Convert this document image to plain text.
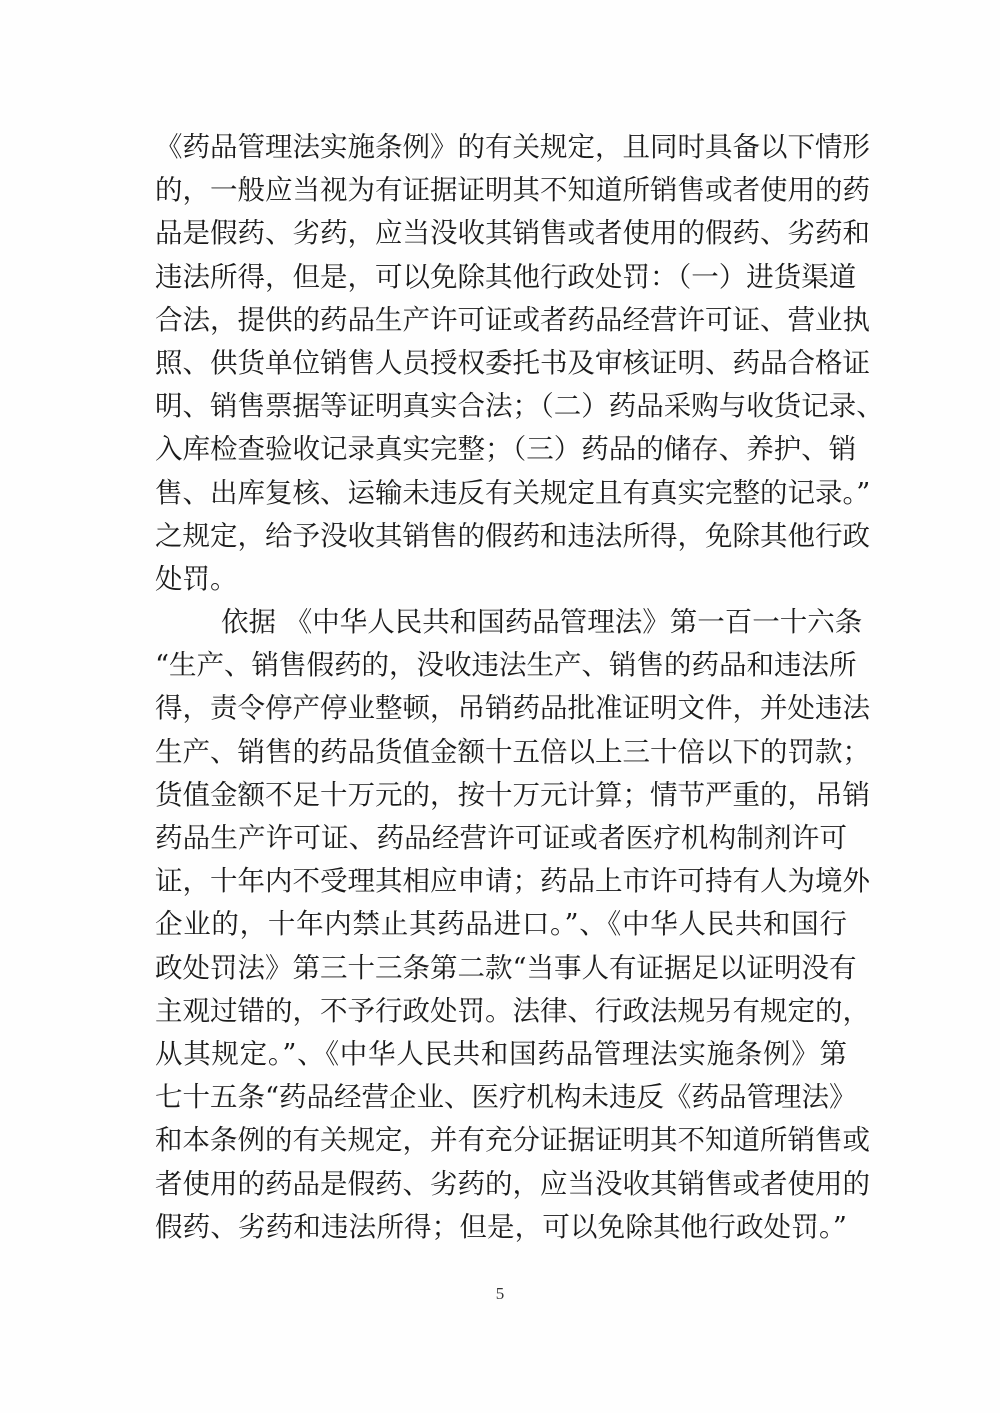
《药品管理法实施条例》的有关规定，且同时具备以下情形
的，一般应当视为有证据证明其不知道所销售或者使用的药
品是假药、劣药，应当没收其销售或者使用的假药、劣药和
违法所得，但是，可以免除其他行政处罚：（一）进货渠道
合法，提供的药品生产许可证或者药品经营许可证、营业执
照、供货单位销售人员授权委托书及审核证明、药品合格证
明、销售票据等证明真实合法；（二）药品采购与收货记录、
入库检查验收记录真实完整；（三）药品的储存、养护、销
售、出库复核、运输未违反有关规定且有真实完整的记录。”
之规定，给予没收其销售的假药和违法所得，免除其他行政
处罚。
依据 《中华人民共和国药品管理法》第一百一十六条
“生产、销售假药的，没收违法生产、销售的药品和违法所
得，责令停产停业整顿，吊销药品批准证明文件，并处违法
生产、销售的药品货值金额十五倍以上三十倍以下的罚款；
货值金额不足十万元的，按十万元计算；情节严重的，吊销
药品生产许可证、药品经营许可证或者医疗机构制剂许可
证，十年内不受理其相应申请；药品上市许可持有人为境外
企业的，十年内禁止其药品进口。”、《中华人民共和国行
政处罚法》第三十三条第二款“当事人有证据足以证明没有
主观过错的，不予行政处罚。法律、行政法规另有规定的，
从其规定。”、《中华人民共和国药品管理法实施条例》第
七十五条“药品经营企业、医疗机构未违反《药品管理法》
和本条例的有关规定，并有充分证据证明其不知道所销售或
者使用的药品是假药、劣药的，应当没收其销售或者使用的
假药、劣药和违法所得；但是，可以免除其他行政处罚。”
5
